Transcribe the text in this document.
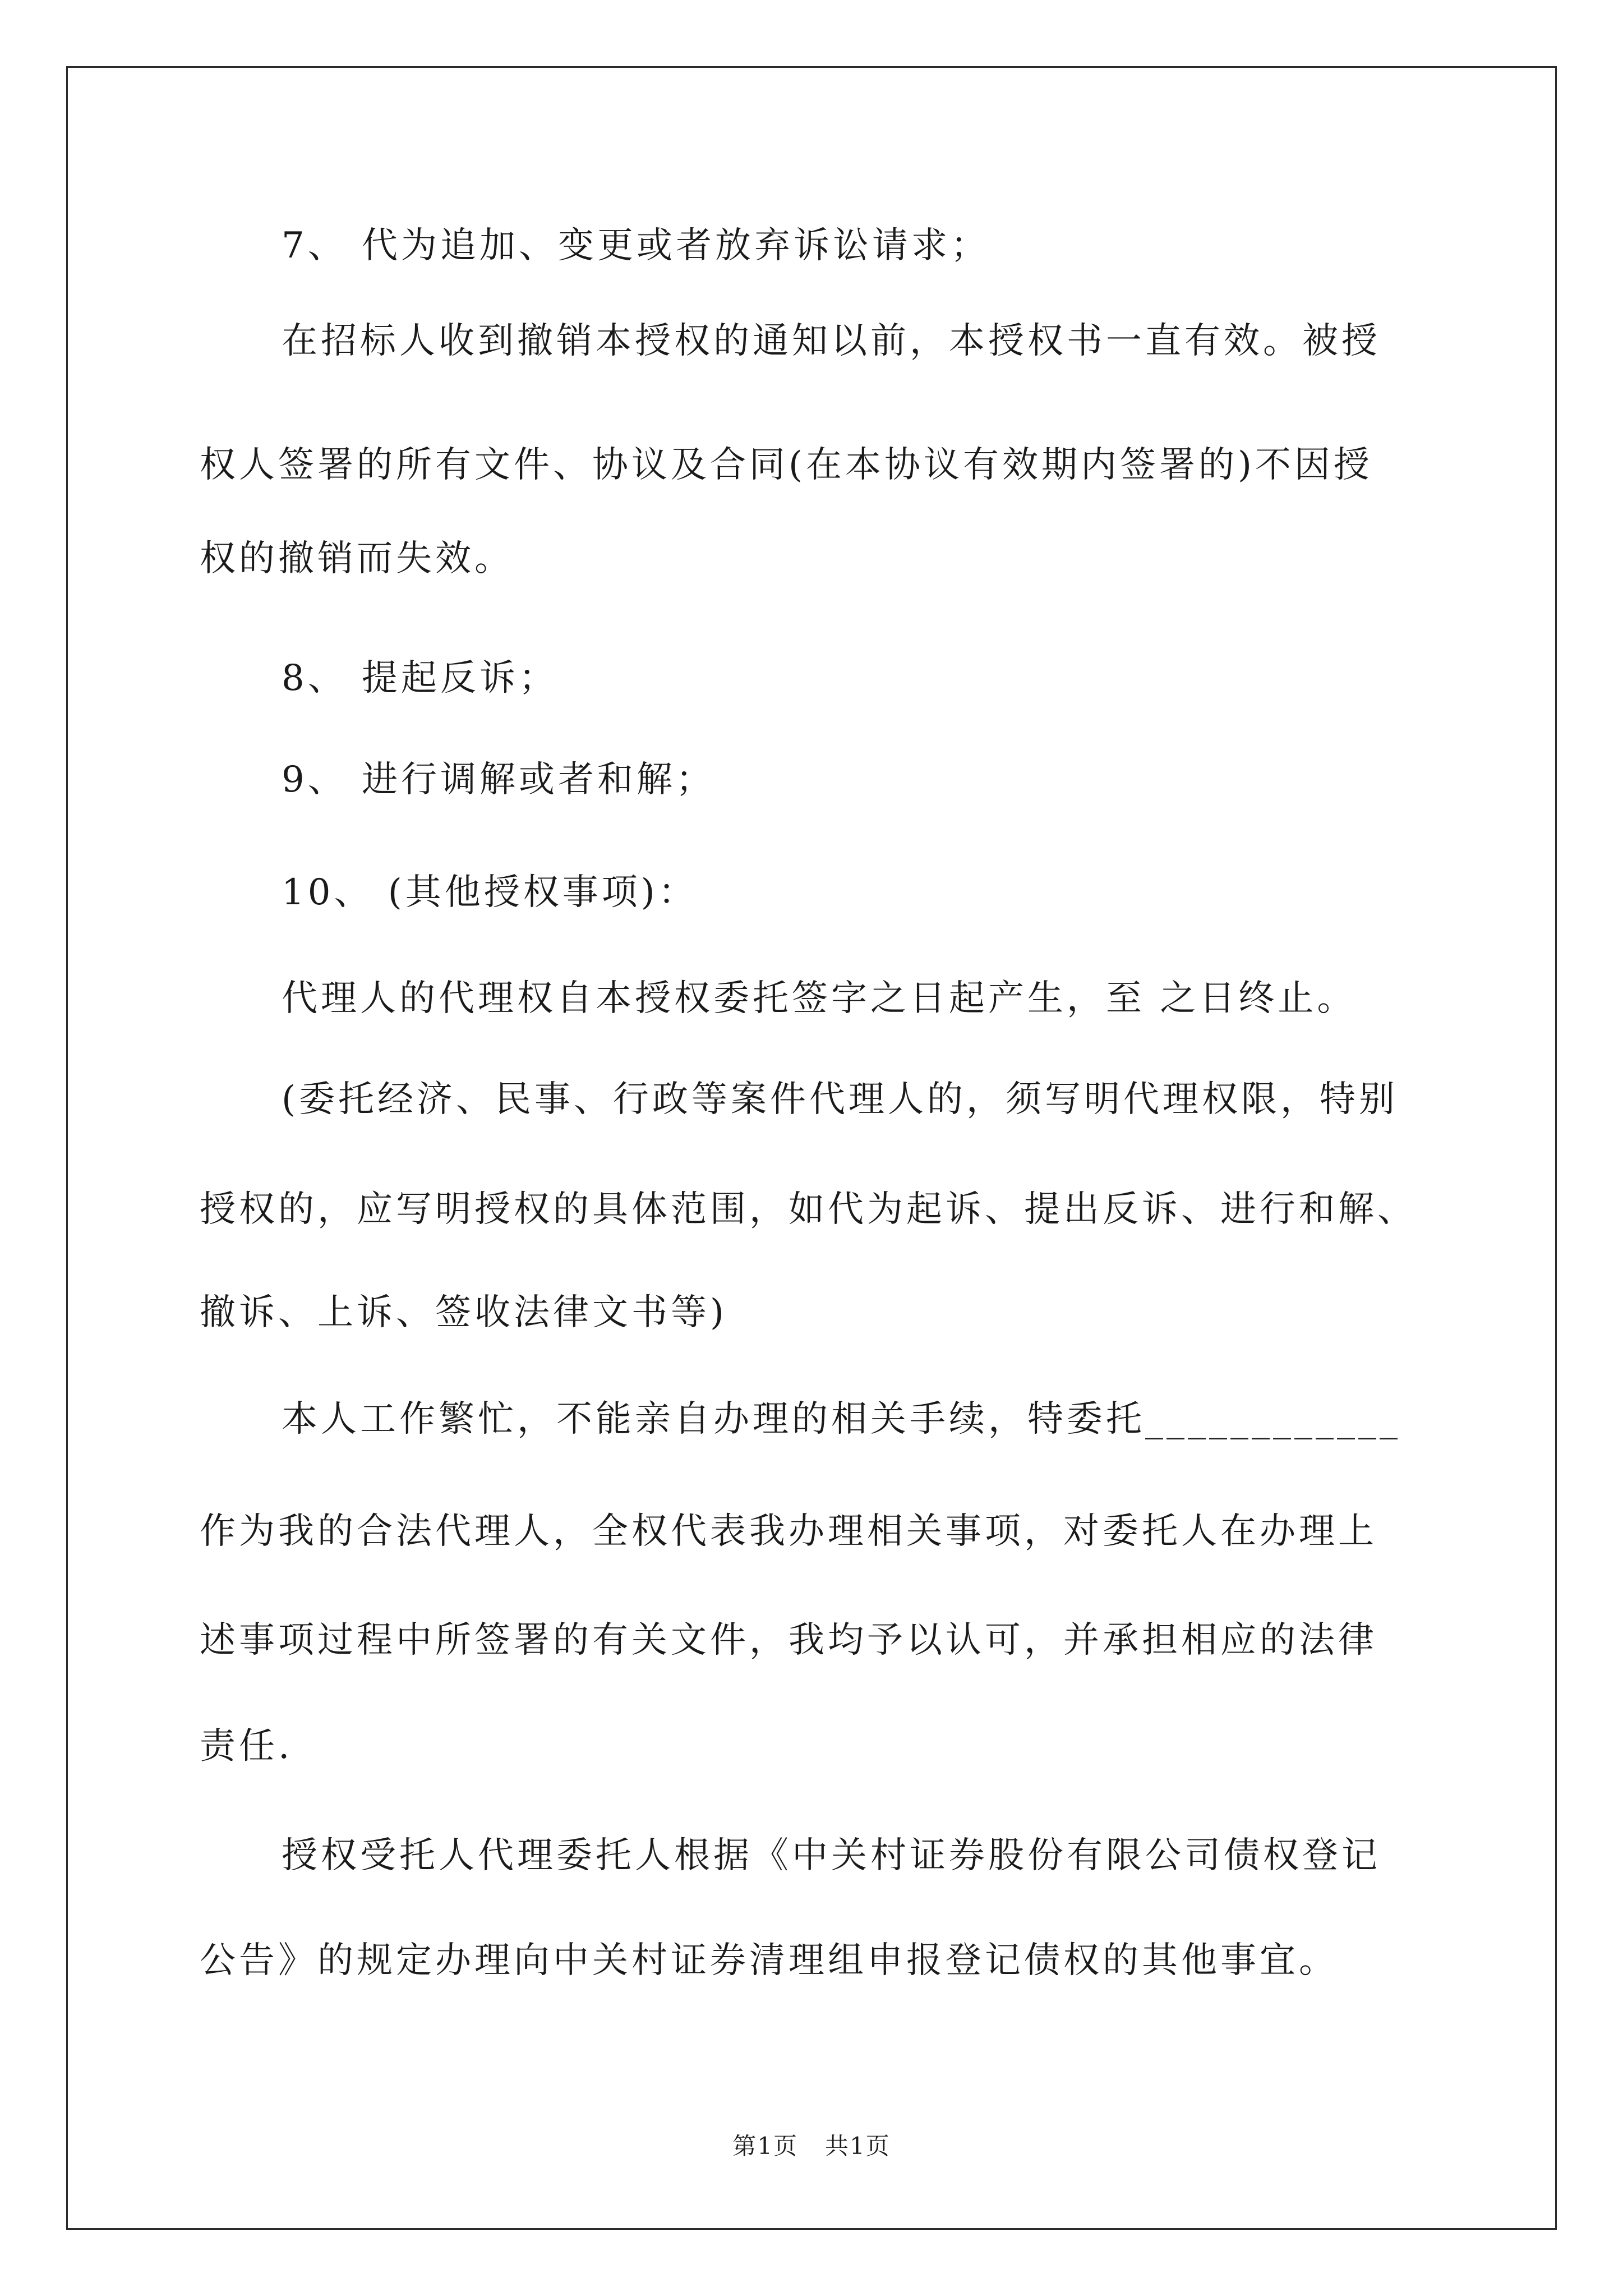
7、 代为追加、变更或者放弃诉讼请求；
在招标人收到撤销本授权的通知以前，本授权书一直有效。被授
权人签署的所有文件、协议及合同(在本协议有效期内签署的)不因授
权的撤销而失效。
8、 提起反诉；
9、 进行调解或者和解；
10、 (其他授权事项)：
代理人的代理权自本授权委托签字之日起产生，至 之日终止。
(委托经济、民事、行政等案件代理人的，须写明代理权限，特别
授权的，应写明授权的具体范围，如代为起诉、提出反诉、进行和解、
撤诉、上诉、签收法律文书等)
本人工作繁忙，不能亲自办理的相关手续，特委托____________
作为我的合法代理人，全权代表我办理相关事项，对委托人在办理上
述事项过程中所签署的有关文件，我均予以认可，并承担相应的法律
责任.
授权受托人代理委托人根据《中关村证券股份有限公司债权登记
公告》的规定办理向中关村证券清理组申报登记债权的其他事宜。
第1页 共1页
